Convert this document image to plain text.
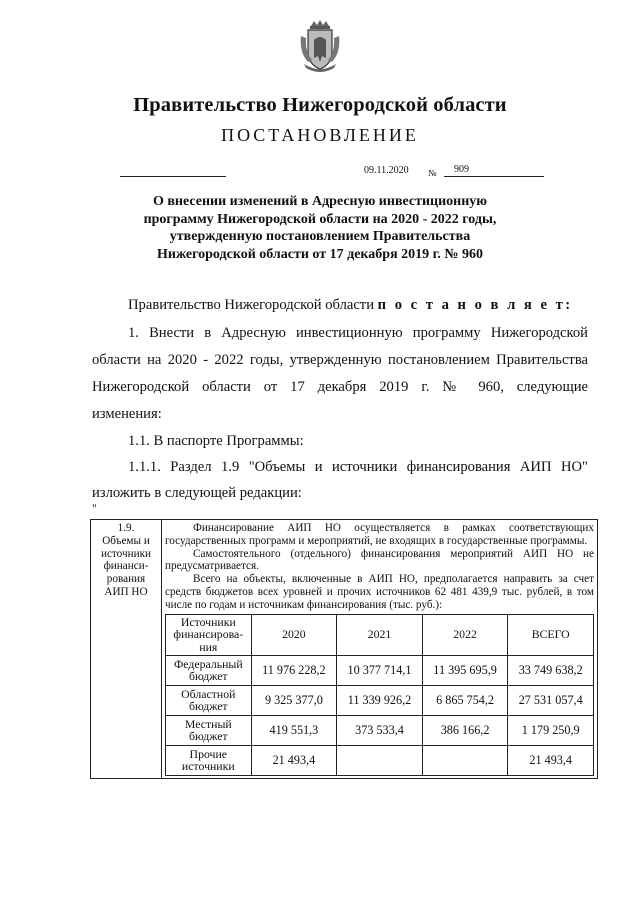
Правительство Нижегородской области
ПОСТАНОВЛЕНИЕ
09.11.2020 № 909
О внесении изменений в Адресную инвестиционную
программу Нижегородской области на 2020 - 2022 годы,
утвержденную постановлением Правительства
Нижегородской области от 17 декабря 2019 г. № 960
Правительство Нижегородской области п о с т а н о в л я е т:
1. Внести в Адресную инвестиционную программу Нижегородской
области на 2020 - 2022 годы, утвержденную постановлением Правительства
Нижегородской области от 17 декабря 2019 г. № 960, следующие
изменения:
1.1. В паспорте Программы:
1.1.1. Раздел 1.9 "Объемы и источники финансирования АИП НО"
изложить в следующей редакции:
"
1.9.
Объемы и
источники
финанси-
рования
АИП НО

Финансирование АИП НО осуществляется в рамках соответствующих государственных программ и мероприятий, не входящих в государственные программы.

Самостоятельного (отдельного) финансирования мероприятий АИП НО не предусматривается.

Всего на объекты, включенные в АИП НО, предполагается направить за счет средств бюджетов всех уровней и прочих источников 62 481 439,9 тыс. рублей, в том числе по годам и источникам финансирования (тыс. руб.):

Источники финансирова-ния	2020	2021	2022	ВСЕГО
Федеральный бюджет	11 976 228,2	10 377 714,1	11 395 695,9	33 749 638,2
Областной бюджет	9 325 377,0	11 339 926,2	6 865 754,2	27 531 057,4
Местный бюджет	419 551,3	373 533,4	386 166,2	1 179 250,9
Прочие источники	21 493,4			21 493,4
